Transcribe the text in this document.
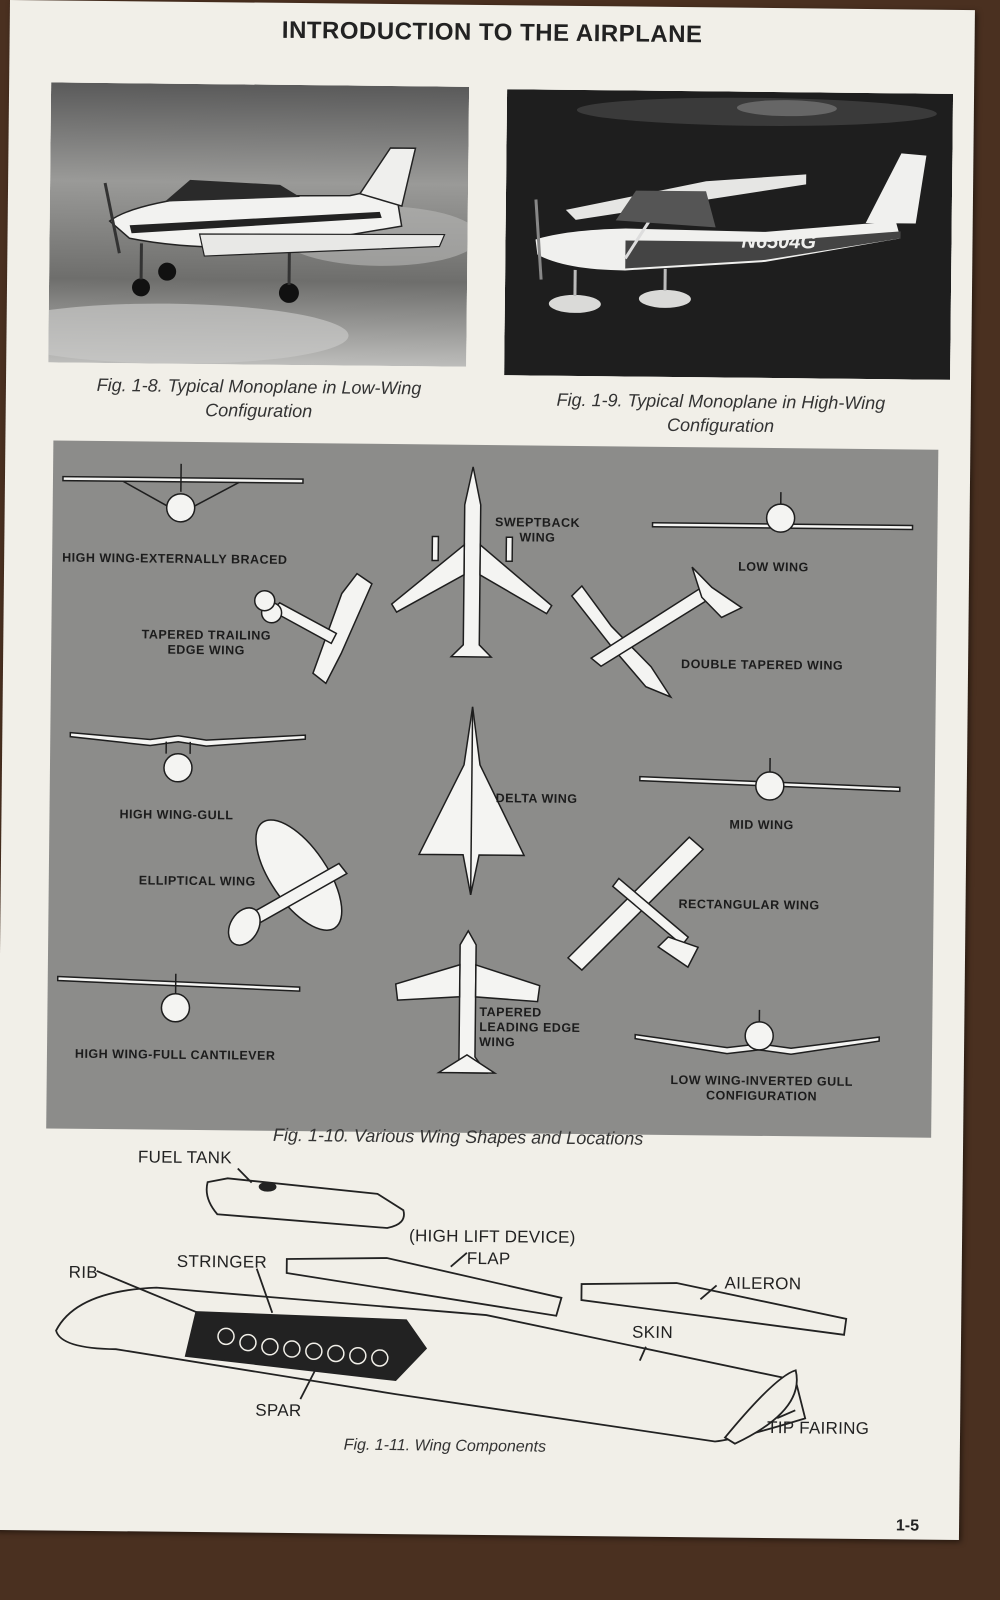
INTRODUCTION TO THE AIRPLANE
Fig. 1-8. Typical Monoplane in Low-Wing Configuration
N6504G
Fig. 1-9. Typical Monoplane in High-Wing Configuration
HIGH WING-EXTERNALLY BRACED
SWEPTBACK WING
LOW WING
TAPERED TRAILING EDGE WING
DOUBLE TAPERED WING
HIGH WING-GULL
DELTA WING
MID WING
ELLIPTICAL WING
RECTANGULAR WING
HIGH WING-FULL CANTILEVER
TAPERED LEADING EDGE WING
LOW WING-INVERTED GULL CONFIGURATION
Fig. 1-10. Various Wing Shapes and Locations
FUEL TANK
(HIGH LIFT DEVICE)
FLAP
STRINGER
RIB
AILERON
SKIN
SPAR
TIP FAIRING
Fig. 1-11. Wing Components
1-5
